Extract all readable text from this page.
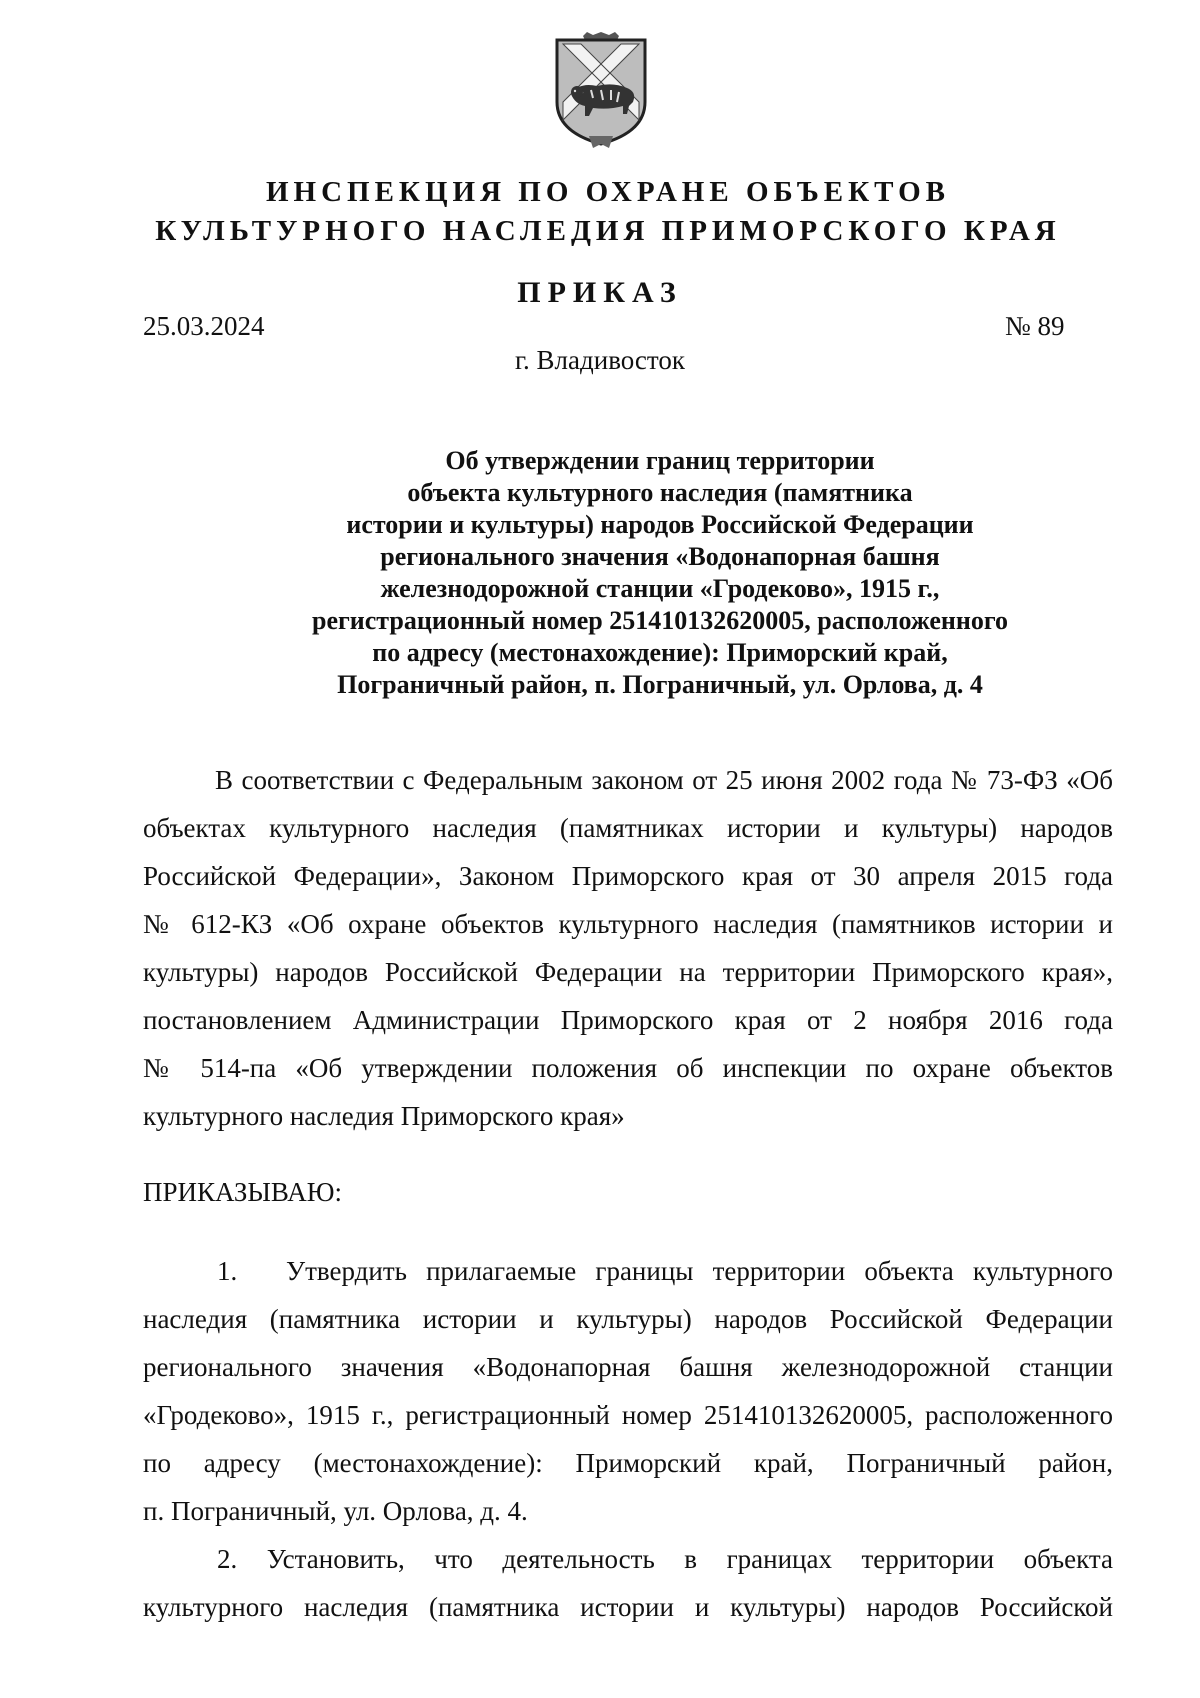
ИНСПЕКЦИЯ ПО ОХРАНЕ ОБЪЕКТОВ
КУЛЬТУРНОГО НАСЛЕДИЯ ПРИМОРСКОГО КРАЯ
ПРИКАЗ
25.03.2024	№ 89
г. Владивосток
Об утверждении границ территории
объекта культурного наследия (памятника
истории и культуры) народов Российской Федерации
регионального значения «Водонапорная башня
железнодорожной станции «Гродеково», 1915 г.,
регистрационный номер 251410132620005, расположенного
по адресу (местонахождение): Приморский край,
Пограничный район, п. Пограничный, ул. Орлова, д. 4
В соответствии с Федеральным законом от 25 июня 2002 года № 73-ФЗ «Об
объектах культурного наследия (памятниках истории и культуры) народов
Российской Федерации», Законом Приморского края от 30 апреля 2015 года
№ 612-КЗ «Об охране объектов культурного наследия (памятников истории и
культуры) народов Российской Федерации на территории Приморского края»,
постановлением Администрации Приморского края от 2 ноября 2016 года
№ 514-па «Об утверждении положения об инспекции по охране объектов
культурного наследия Приморского края»
ПРИКАЗЫВАЮ:
1. Утвердить прилагаемые границы территории объекта культурного
наследия (памятника истории и культуры) народов Российской Федерации
регионального значения «Водонапорная башня железнодорожной станции
«Гродеково», 1915 г., регистрационный номер 251410132620005, расположенного
по адресу (местонахождение): Приморский край, Пограничный район,
п. Пограничный, ул. Орлова, д. 4.
2. Установить, что деятельность в границах территории объекта
культурного наследия (памятника истории и культуры) народов Российской
